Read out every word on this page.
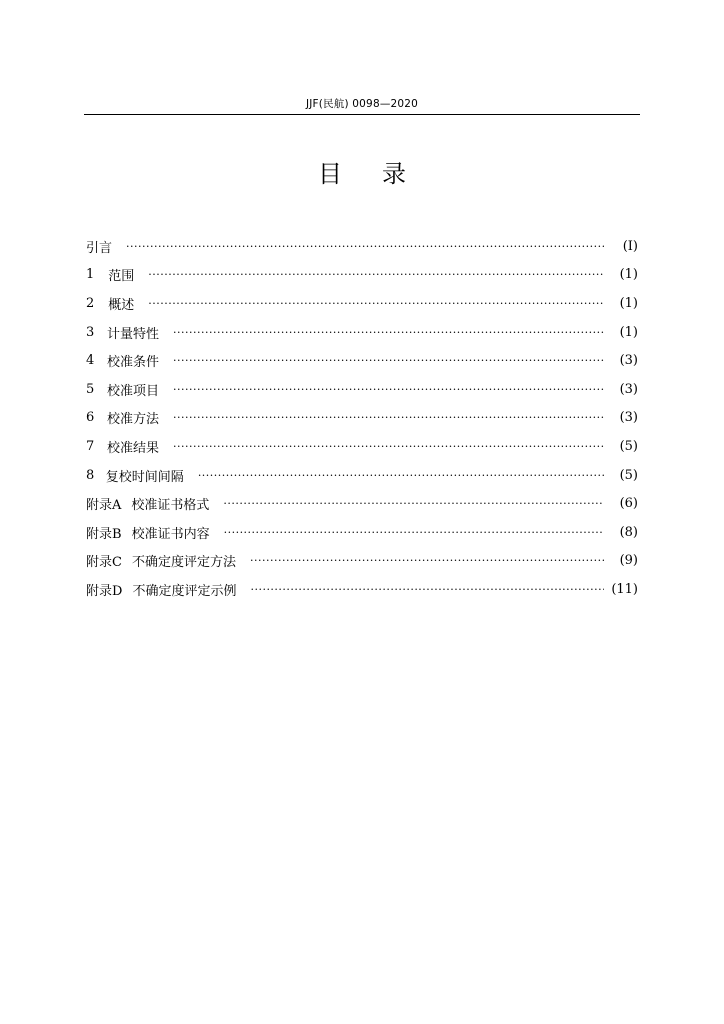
JJF(民航) 0098—2020
目录
引言 ·····	(Ⅰ)
1	范围 ·····	(1)
2	概述 ·····	(1)
3 计量特性 ·····	(1)
4 校准条件 ·····	(3)
5 校准项目 ·····	(3)
6 校准方法 ·····	(3)
7 校准结果 ·····	(5)
8 复校时间间隔 ·····	(5)
附录A 校准证书格式 ·····	(6)
附录B 校准证书内容 ·····	(8)
附录C 不确定度评定方法 ·····	(9)
附录D 不确定度评定示例 ·····	(11)
